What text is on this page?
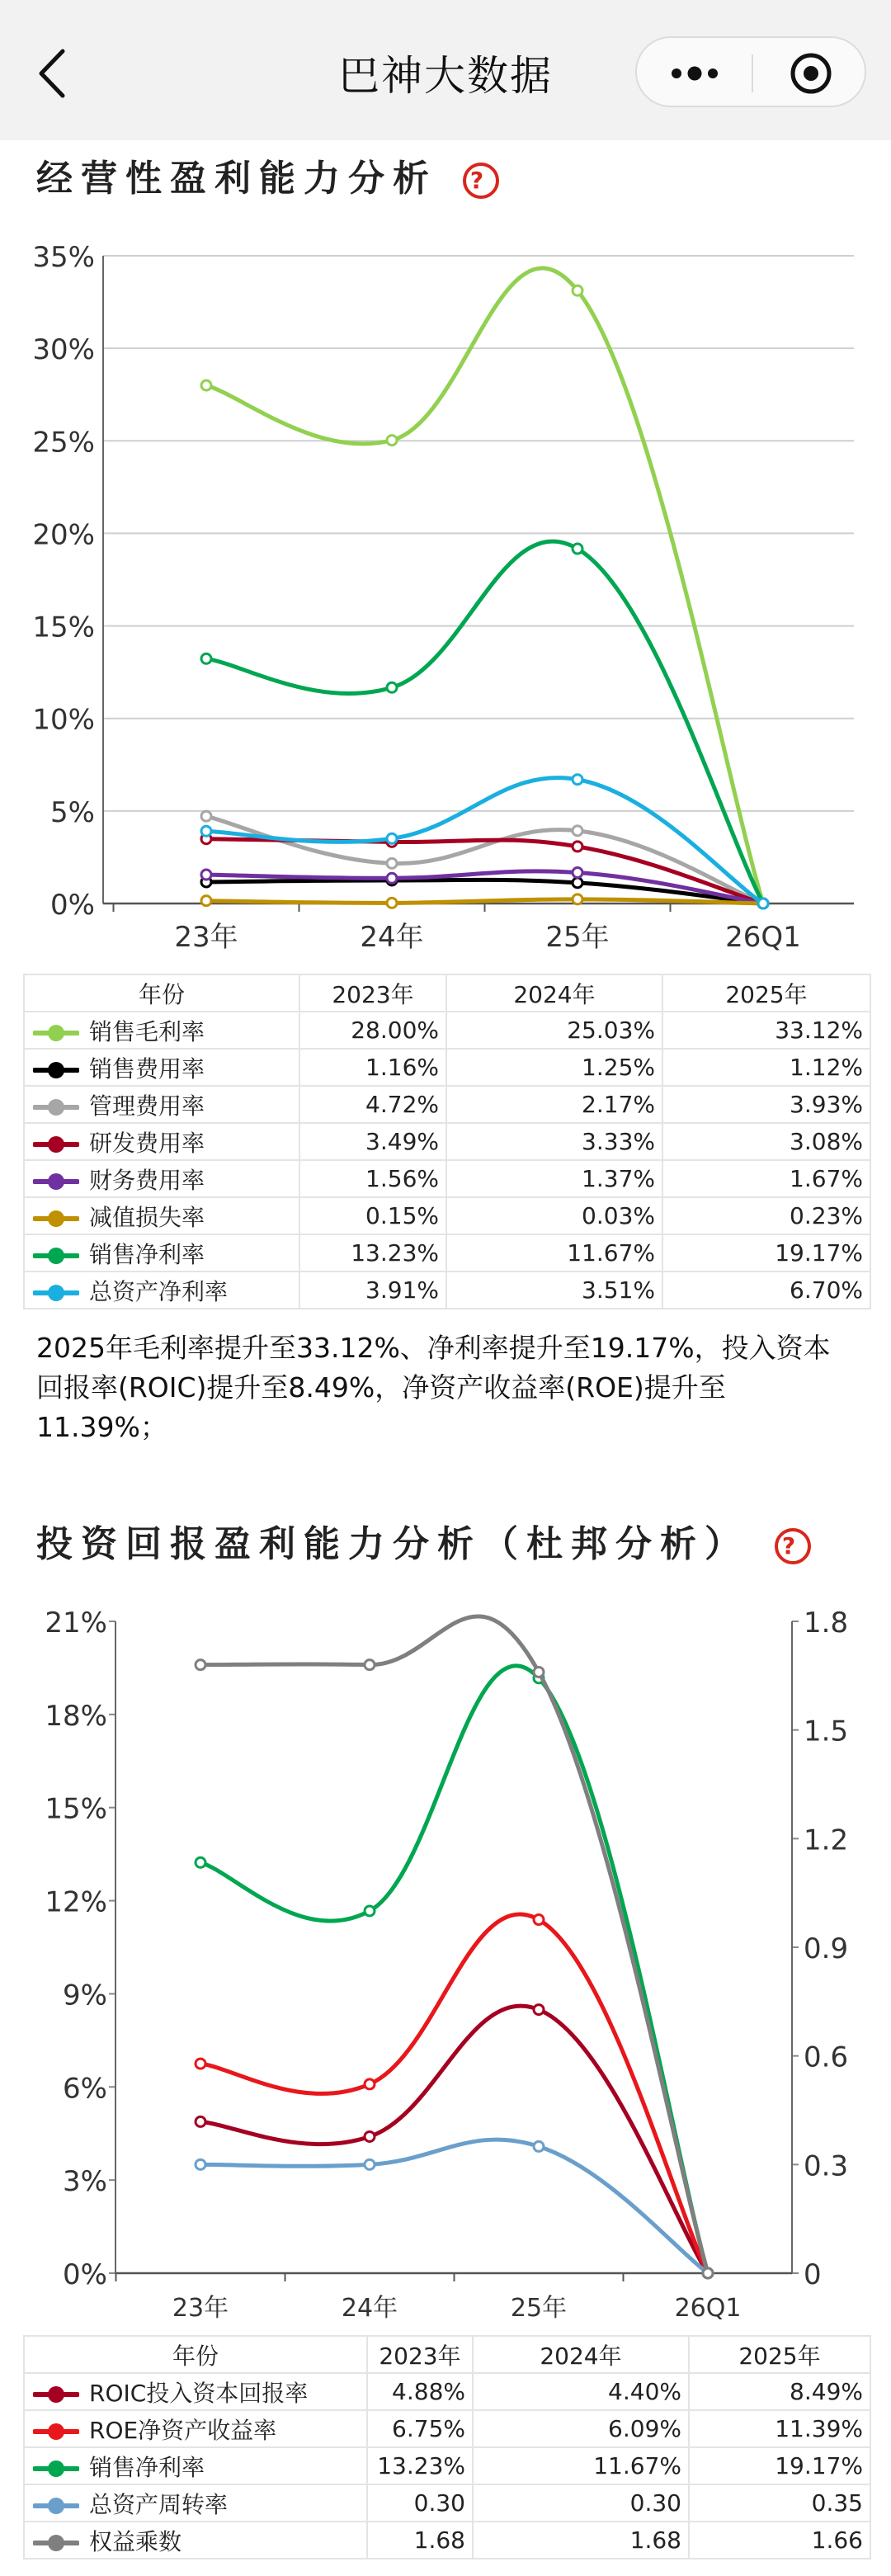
巴神大数据
经营性盈利能力分析 ?
0%
5%
10%
15%
20%
25%
30%
35%
23年	24年	25年	26Q1
年份	2023年	2024年	2025年
销售毛利率	28.00%	25.03%	33.12%
销售费用率	1.16%	1.25%	1.12%
管理费用率	4.72%	2.17%	3.93%
研发费用率	3.49%	3.33%	3.08%
财务费用率	1.56%	1.37%	1.67%
减值损失率	0.15%	0.03%	0.23%
销售净利率	13.23%	11.67%	19.17%
总资产净利率	3.91%	3.51%	6.70%
2025年毛利率提升至33.12%、净利率提升至19.17%，投入资本回报率(ROIC)提升至8.49%，净资产收益率(ROE)提升至11.39%；
投资回报盈利能力分析（杜邦分析） ?
0%
3%
6%
9%
12%
15%
18%
21%
0
0.3
0.6
0.9
1.2
1.5
1.8
23年	24年	25年	26Q1
年份	2023年	2024年	2025年
ROIC投入资本回报率	4.88%	4.40%	8.49%
ROE净资产收益率	6.75%	6.09%	11.39%
销售净利率	13.23%	11.67%	19.17%
总资产周转率	0.30	0.30	0.35
权益乘数	1.68	1.68	1.66
